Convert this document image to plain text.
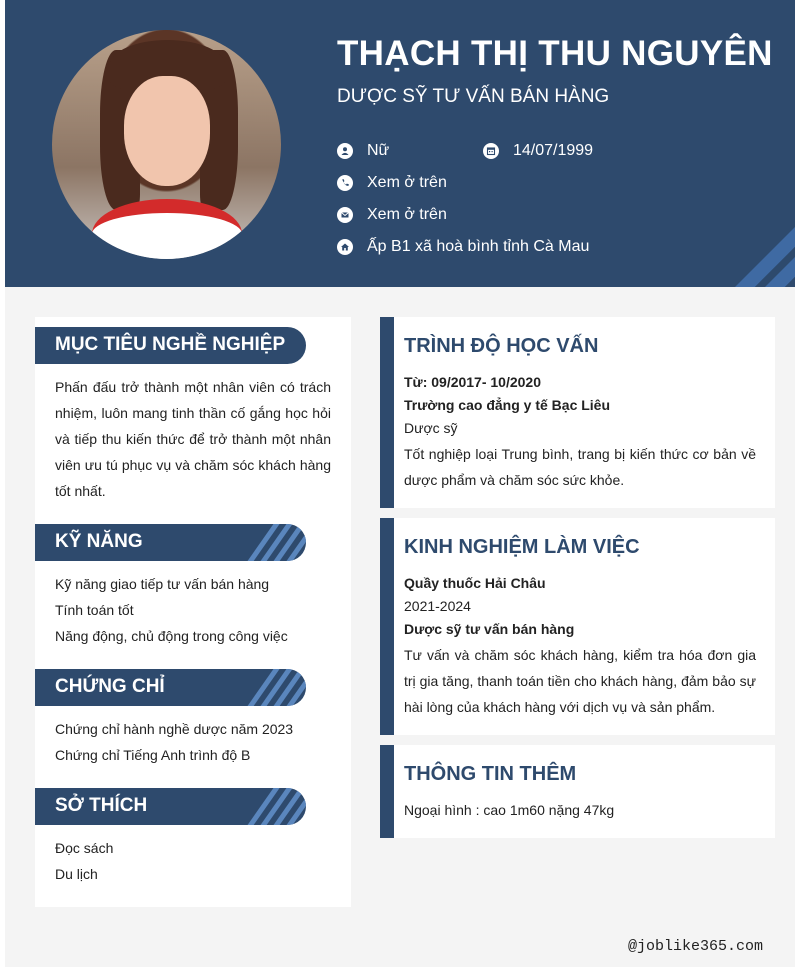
THẠCH THỊ THU NGUYÊN
DƯỢC SỸ TƯ VẤN BÁN HÀNG
Nữ	14/07/1999
Xem ở trên
Xem ở trên
Ấp B1 xã hoà bình tỉnh Cà Mau
MỤC TIÊU NGHỀ NGHIỆP
Phấn đấu trở thành một nhân viên có trách nhiệm, luôn mang tinh thần cố gắng học hỏi và tiếp thu kiến thức để trở thành một nhân viên ưu tú phục vụ và chăm sóc khách hàng tốt nhất.
KỸ NĂNG
Kỹ năng giao tiếp tư vấn bán hàng
Tính toán tốt
Năng động, chủ động trong công việc
CHỨNG CHỈ
Chứng chỉ hành nghề dược năm 2023
Chứng chỉ Tiếng Anh trình độ B
SỞ THÍCH
Đọc sách
Du lịch
TRÌNH ĐỘ HỌC VẤN
Từ: 09/2017- 10/2020
Trường cao đẳng y tế Bạc Liêu
Dược sỹ
Tốt nghiệp loại Trung bình, trang bị kiến thức cơ bản về dược phẩm và chăm sóc sức khỏe.
KINH NGHIỆM LÀM VIỆC
Quầy thuốc Hải Châu
2021-2024
Dược sỹ tư vấn bán hàng
Tư vấn và chăm sóc khách hàng, kiểm tra hóa đơn gia trị gia tăng, thanh toán tiền cho khách hàng, đảm bảo sự hài lòng của khách hàng với dịch vụ và sản phẩm.
THÔNG TIN THÊM
Ngoại hình : cao 1m60 nặng 47kg
@joblike365.com
